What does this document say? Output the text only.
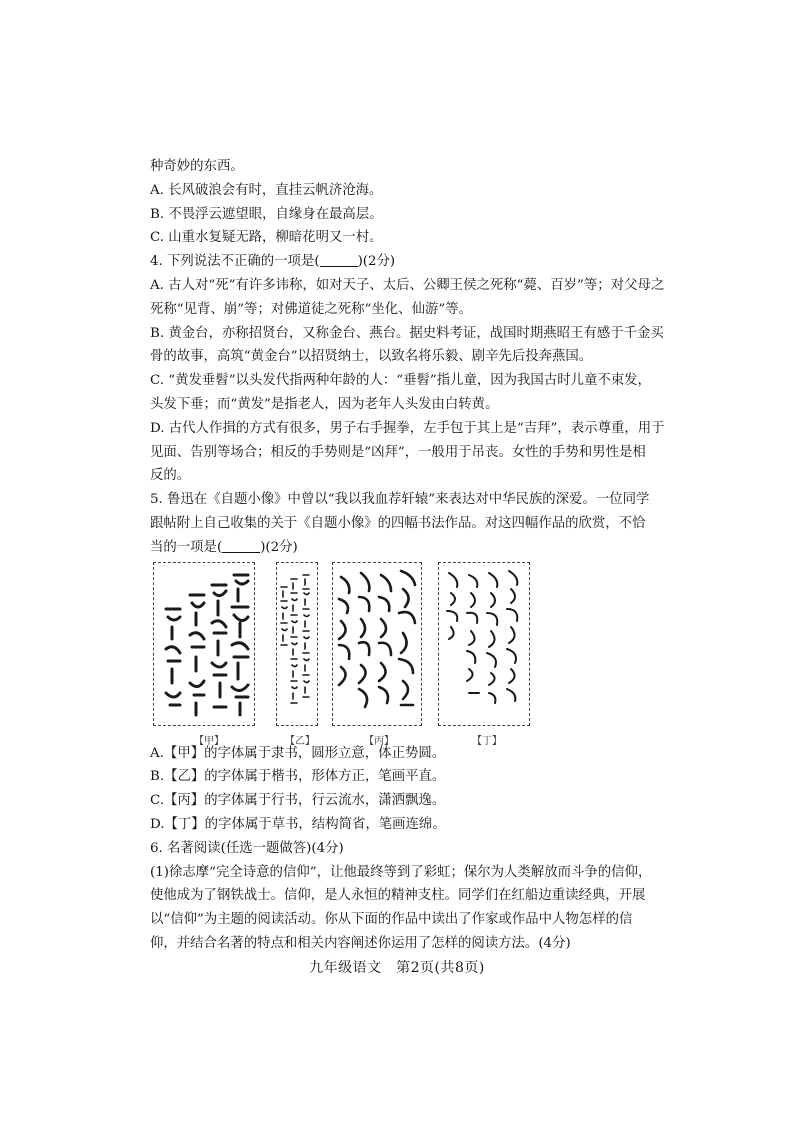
种奇妙的东西。
A. 长风破浪会有时，直挂云帆济沧海。
B. 不畏浮云遮望眼，自缘身在最高层。
C. 山重水复疑无路，柳暗花明又一村。
4. 下列说法不正确的一项是(	)(2分)
A. 古人对“死”有许多讳称，如对天子、太后、公卿王侯之死称“薨、百岁”等；对父母之
死称“见背、崩”等；对佛道徒之死称“坐化、仙游”等。
B. 黄金台，亦称招贤台，又称金台、燕台。据史料考证，战国时期燕昭王有感于千金买
骨的故事，高筑“黄金台”以招贤纳士，以致名将乐毅、剧辛先后投奔燕国。
C. “黄发垂髫”以头发代指两种年龄的人：“垂髫”指儿童，因为我国古时儿童不束发，
头发下垂；而“黄发”是指老人，因为老年人头发由白转黄。
D. 古代人作揖的方式有很多，男子右手握拳，左手包于其上是“吉拜”，表示尊重，用于
见面、告别等场合；相反的手势则是“凶拜”，一般用于吊丧。女性的手势和男性是相
反的。
5. 鲁迅在《自题小像》中曾以“我以我血荐轩辕”来表达对中华民族的深爱。一位同学
跟帖附上自己收集的关于《自题小像》的四幅书法作品。对这四幅作品的欣赏，不恰
当的一项是(	)(2分)
【甲】	【乙】	【丙】	【丁】
A.【甲】的字体属于隶书，圆形立意，体正势圆。
B.【乙】的字体属于楷书，形体方正，笔画平直。
C.【丙】的字体属于行书，行云流水，潇洒飘逸。
D.【丁】的字体属于草书，结构简省，笔画连绵。
6. 名著阅读(任选一题做答)(4分)
(1)徐志摩“完全诗意的信仰”，让他最终等到了彩虹；保尔为人类解放而斗争的信仰，
使他成为了钢铁战士。信仰，是人永恒的精神支柱。同学们在红船边重读经典，开展
以“信仰”为主题的阅读活动。你从下面的作品中读出了作家或作品中人物怎样的信
仰，并结合名著的特点和相关内容阐述你运用了怎样的阅读方法。(4分)
九年级语文　第2页(共8页)
